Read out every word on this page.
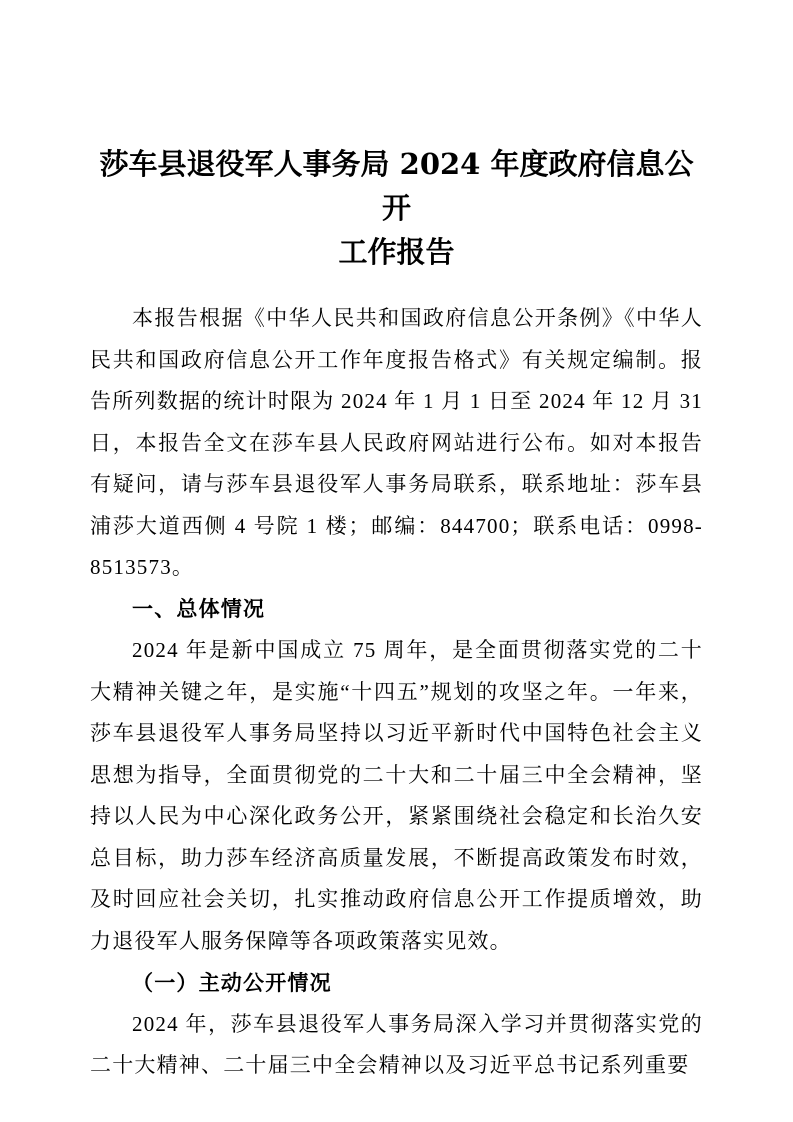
莎车县退役军人事务局 2024 年度政府信息公开
工作报告

本报告根据《中华人民共和国政府信息公开条例》《中华人民共和国政府信息公开工作年度报告格式》有关规定编制。报告所列数据的统计时限为 2024 年 1 月 1 日至 2024 年 12 月 31 日，本报告全文在莎车县人民政府网站进行公布。如对本报告有疑问，请与莎车县退役军人事务局联系，联系地址：莎车县浦莎大道西侧 4 号院 1 楼；邮编：844700；联系电话：0998-8513573。

一、总体情况

2024 年是新中国成立 75 周年，是全面贯彻落实党的二十大精神关键之年，是实施“十四五”规划的攻坚之年。一年来，莎车县退役军人事务局坚持以习近平新时代中国特色社会主义思想为指导，全面贯彻党的二十大和二十届三中全会精神，坚持以人民为中心深化政务公开，紧紧围绕社会稳定和长治久安总目标，助力莎车经济高质量发展，不断提高政策发布时效，及时回应社会关切，扎实推动政府信息公开工作提质增效，助力退役军人服务保障等各项政策落实见效。

（一）主动公开情况

2024 年，莎车县退役军人事务局深入学习并贯彻落实党的二十大精神、二十届三中全会精神以及习近平总书记系列重要
